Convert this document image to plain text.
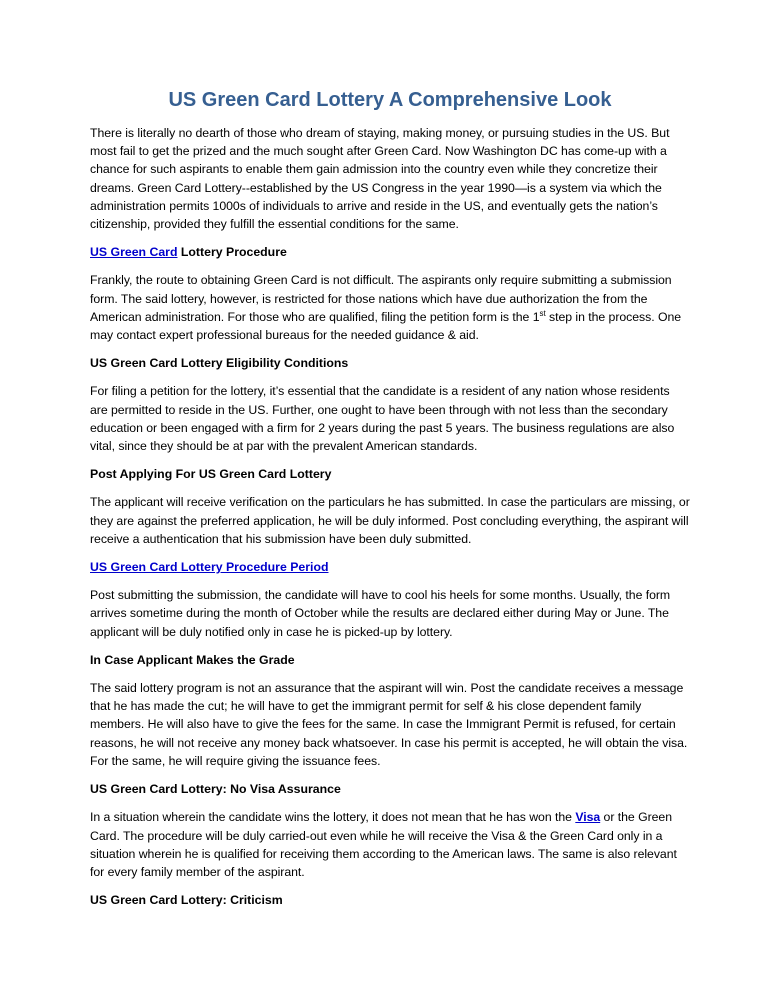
US Green Card Lottery A Comprehensive Look

There is literally no dearth of those who dream of staying, making money, or pursuing studies in the US. But most fail to get the prized and the much sought after Green Card. Now Washington DC has come-up with a chance for such aspirants to enable them gain admission into the country even while they concretize their dreams. Green Card Lottery--established by the US Congress in the year 1990—is a system via which the administration permits 1000s of individuals to arrive and reside in the US, and eventually gets the nation’s citizenship, provided they fulfill the essential conditions for the same.

US Green Card Lottery Procedure

Frankly, the route to obtaining Green Card is not difficult. The aspirants only require submitting a submission form. The said lottery, however, is restricted for those nations which have due authorization the from the American administration. For those who are qualified, filing the petition form is the 1st step in the process. One may contact expert professional bureaus for the needed guidance & aid.

US Green Card Lottery Eligibility Conditions

For filing a petition for the lottery, it’s essential that the candidate is a resident of any nation whose residents are permitted to reside in the US. Further, one ought to have been through with not less than the secondary education or been engaged with a firm for 2 years during the past 5 years. The business regulations are also vital, since they should be at par with the prevalent American standards.

Post Applying For US Green Card Lottery

The applicant will receive verification on the particulars he has submitted. In case the particulars are missing, or they are against the preferred application, he will be duly informed. Post concluding everything, the aspirant will receive a authentication that his submission have been duly submitted.

US Green Card Lottery Procedure Period

Post submitting the submission, the candidate will have to cool his heels for some months. Usually, the form arrives sometime during the month of October while the results are declared either during May or June. The applicant will be duly notified only in case he is picked-up by lottery.

In Case Applicant Makes the Grade

The said lottery program is not an assurance that the aspirant will win. Post the candidate receives a message that he has made the cut; he will have to get the immigrant permit for self & his close dependent family members. He will also have to give the fees for the same. In case the Immigrant Permit is refused, for certain reasons, he will not receive any money back whatsoever. In case his permit is accepted, he will obtain the visa. For the same, he will require giving the issuance fees.

US Green Card Lottery: No Visa Assurance

In a situation wherein the candidate wins the lottery, it does not mean that he has won the Visa or the Green Card. The procedure will be duly carried-out even while he will receive the Visa & the Green Card only in a situation wherein he is qualified for receiving them according to the American laws. The same is also relevant for every family member of the aspirant.

US Green Card Lottery: Criticism
